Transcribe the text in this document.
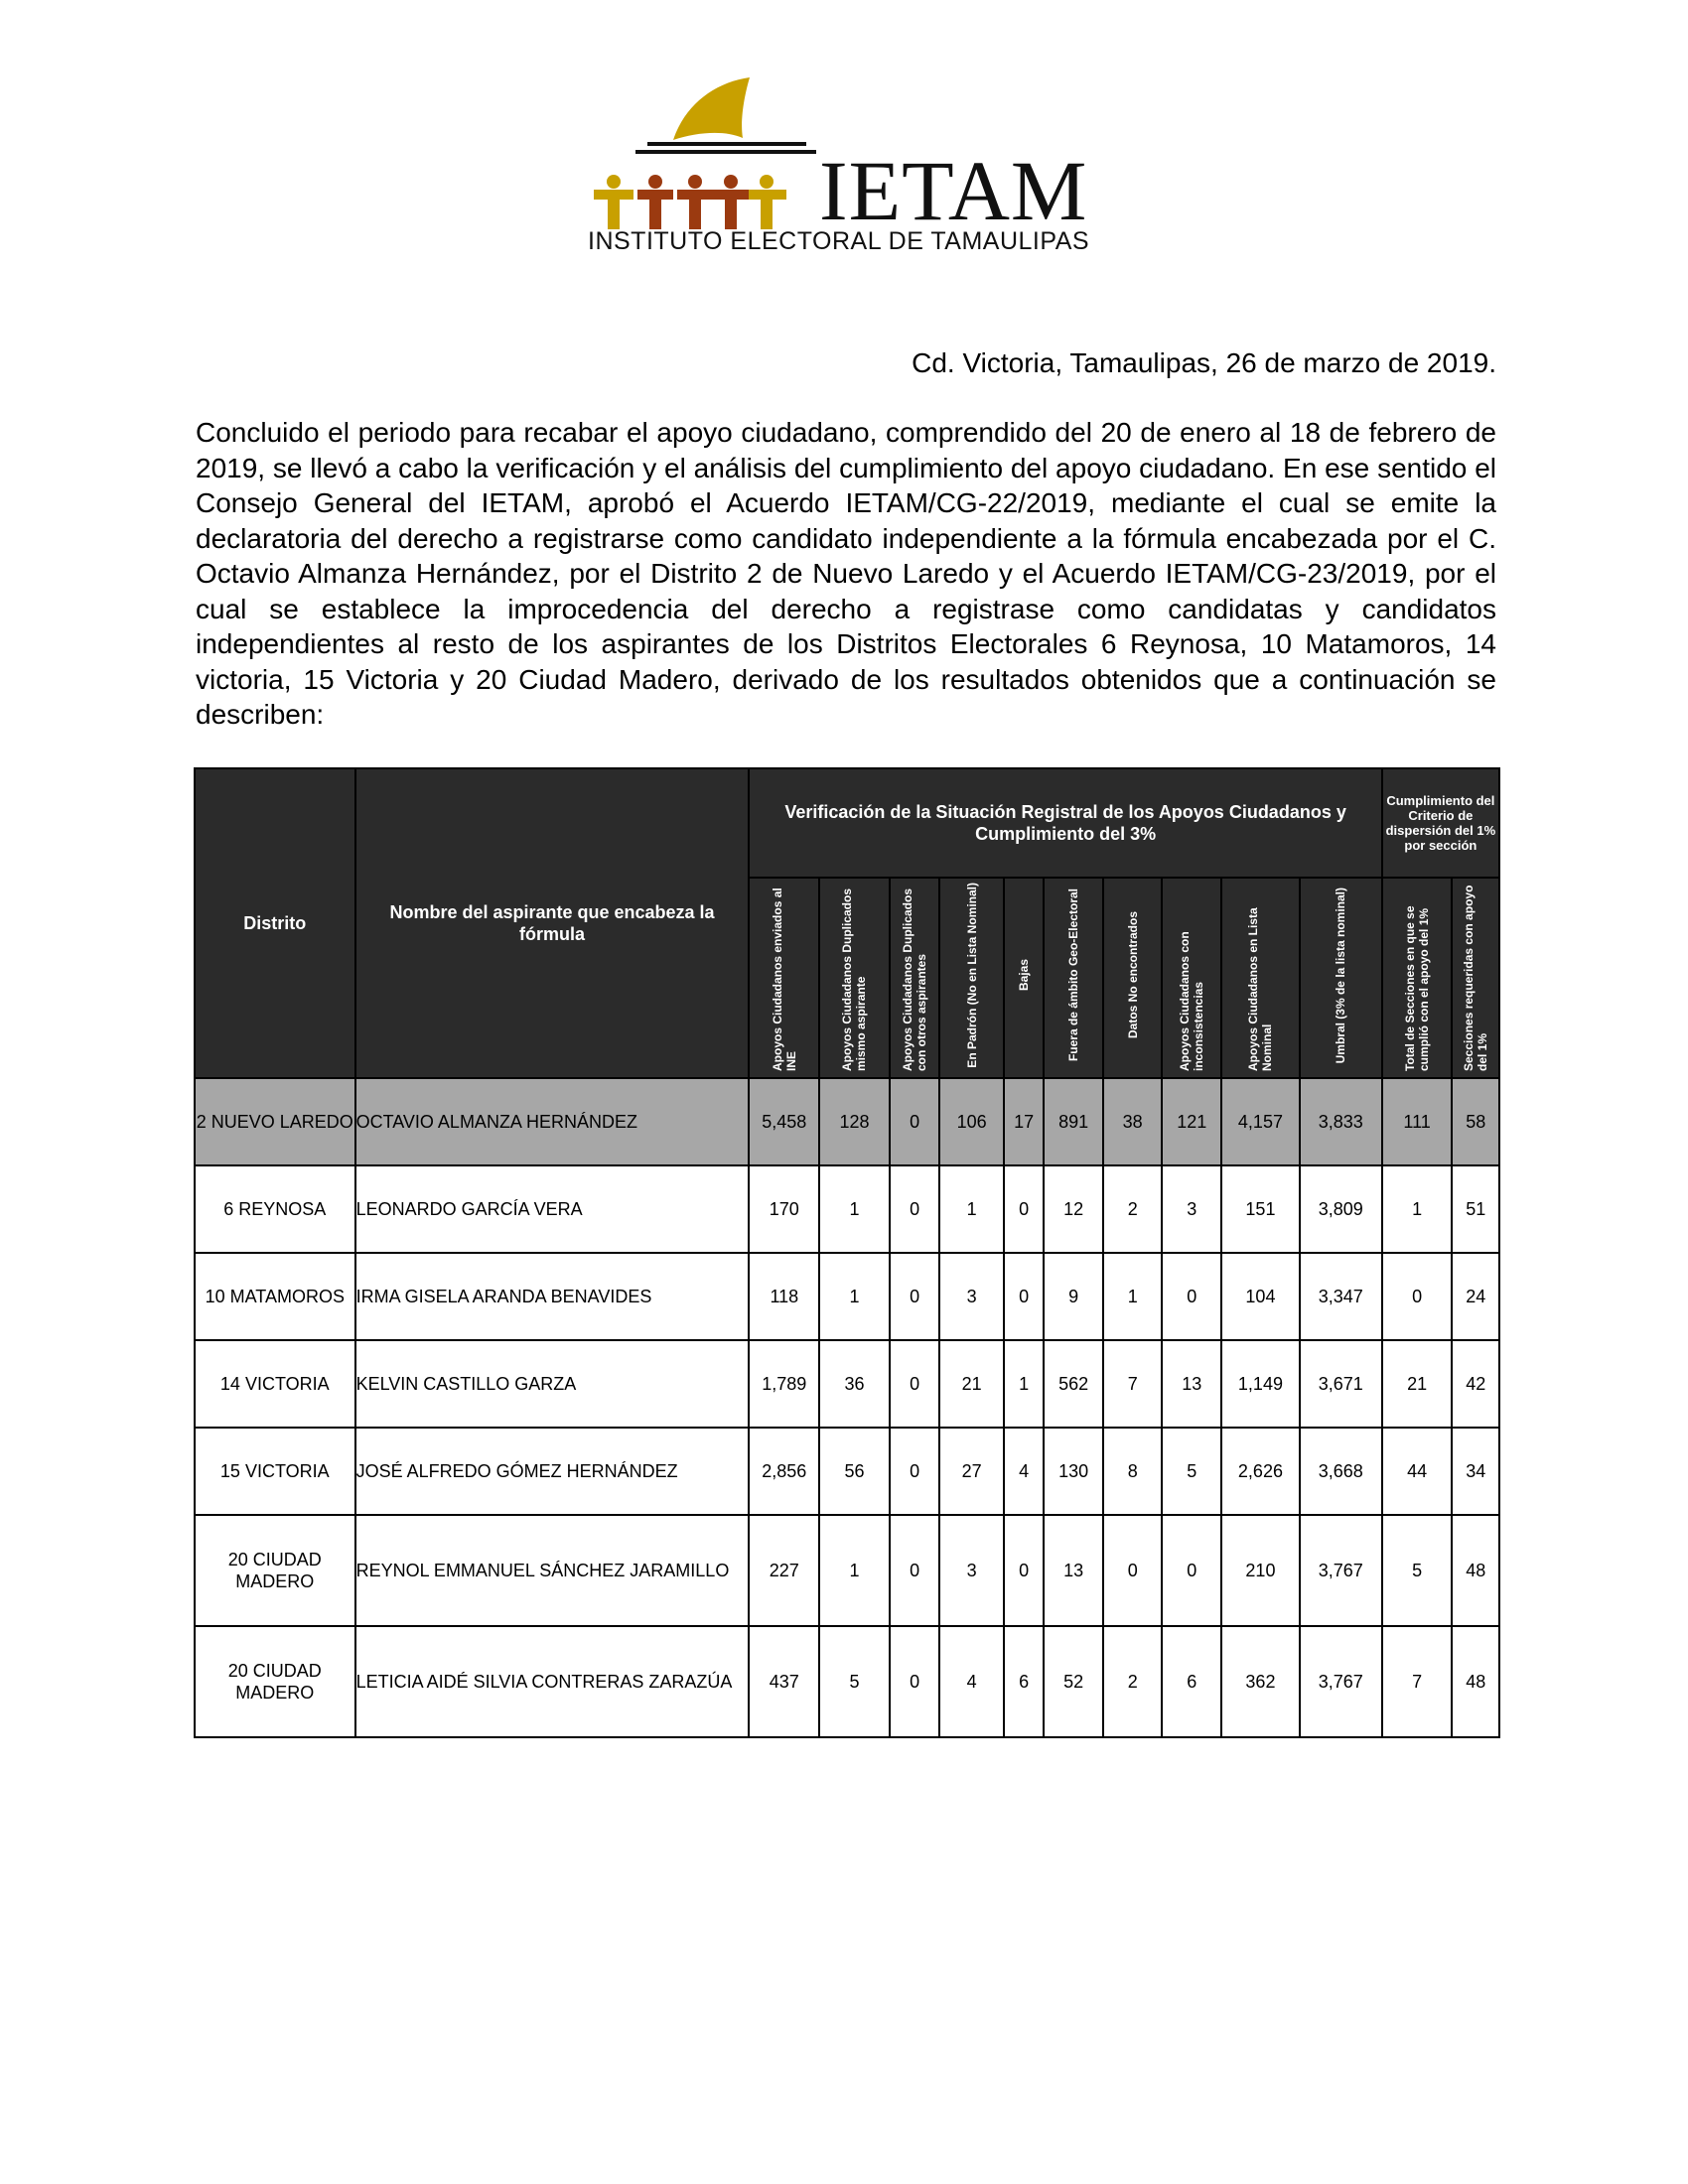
IETAM
INSTITUTO ELECTORAL DE TAMAULIPAS
Cd. Victoria, Tamaulipas, 26 de marzo de 2019.
Concluido el periodo para recabar el apoyo ciudadano, comprendido del 20 de enero al 18 de febrero de 2019, se llevó a cabo la verificación y el análisis del cumplimiento del apoyo ciudadano. En ese sentido el Consejo General del IETAM, aprobó el Acuerdo IETAM/CG-22/2019, mediante el cual se emite la declaratoria del derecho a registrarse como candidato independiente a la fórmula encabezada por el C. Octavio Almanza Hernández, por el Distrito 2 de Nuevo Laredo y el Acuerdo IETAM/CG-23/2019, por el cual se establece la improcedencia del derecho a registrase como candidatas y candidatos independientes al resto de los aspirantes de los Distritos Electorales 6 Reynosa, 10 Matamoros, 14 victoria, 15 Victoria y 20 Ciudad Madero, derivado de los resultados obtenidos que a continuación se describen:
Distrito	Nombre del aspirante que encabeza la fórmula	Verificación de la Situación Registral de los Apoyos Ciudadanos y Cumplimiento del 3%										Cumplimiento del Criterio de dispersión del 1% por sección	
		Apoyos Ciudadanos enviados al INE	Apoyos Ciudadanos Duplicados mismo aspirante	Apoyos Ciudadanos Duplicados con otros aspirantes	En Padrón (No en Lista Nominal)	Bajas	Fuera de ámbito Geo-Electoral	Datos No encontrados	Apoyos Ciudadanos con inconsistencias	Apoyos Ciudadanos en Lista Nominal	Umbral (3% de la lista nominal)	Total de Secciones en que se cumplió con el apoyo del 1%	Secciones requeridas con apoyo del 1%
2 NUEVO LAREDO	OCTAVIO ALMANZA HERNÁNDEZ	5,458	128	0	106	17	891	38	121	4,157	3,833	111	58
6 REYNOSA	LEONARDO GARCÍA VERA	170	1	0	1	0	12	2	3	151	3,809	1	51
10 MATAMOROS	IRMA GISELA ARANDA BENAVIDES	118	1	0	3	0	9	1	0	104	3,347	0	24
14 VICTORIA	KELVIN CASTILLO GARZA	1,789	36	0	21	1	562	7	13	1,149	3,671	21	42
15 VICTORIA	JOSÉ ALFREDO GÓMEZ HERNÁNDEZ	2,856	56	0	27	4	130	8	5	2,626	3,668	44	34
20 CIUDAD MADERO	REYNOL EMMANUEL SÁNCHEZ JARAMILLO	227	1	0	3	0	13	0	0	210	3,767	5	48
20 CIUDAD MADERO	LETICIA AIDÉ SILVIA CONTRERAS ZARAZÚA	437	5	0	4	6	52	2	6	362	3,767	7	48
